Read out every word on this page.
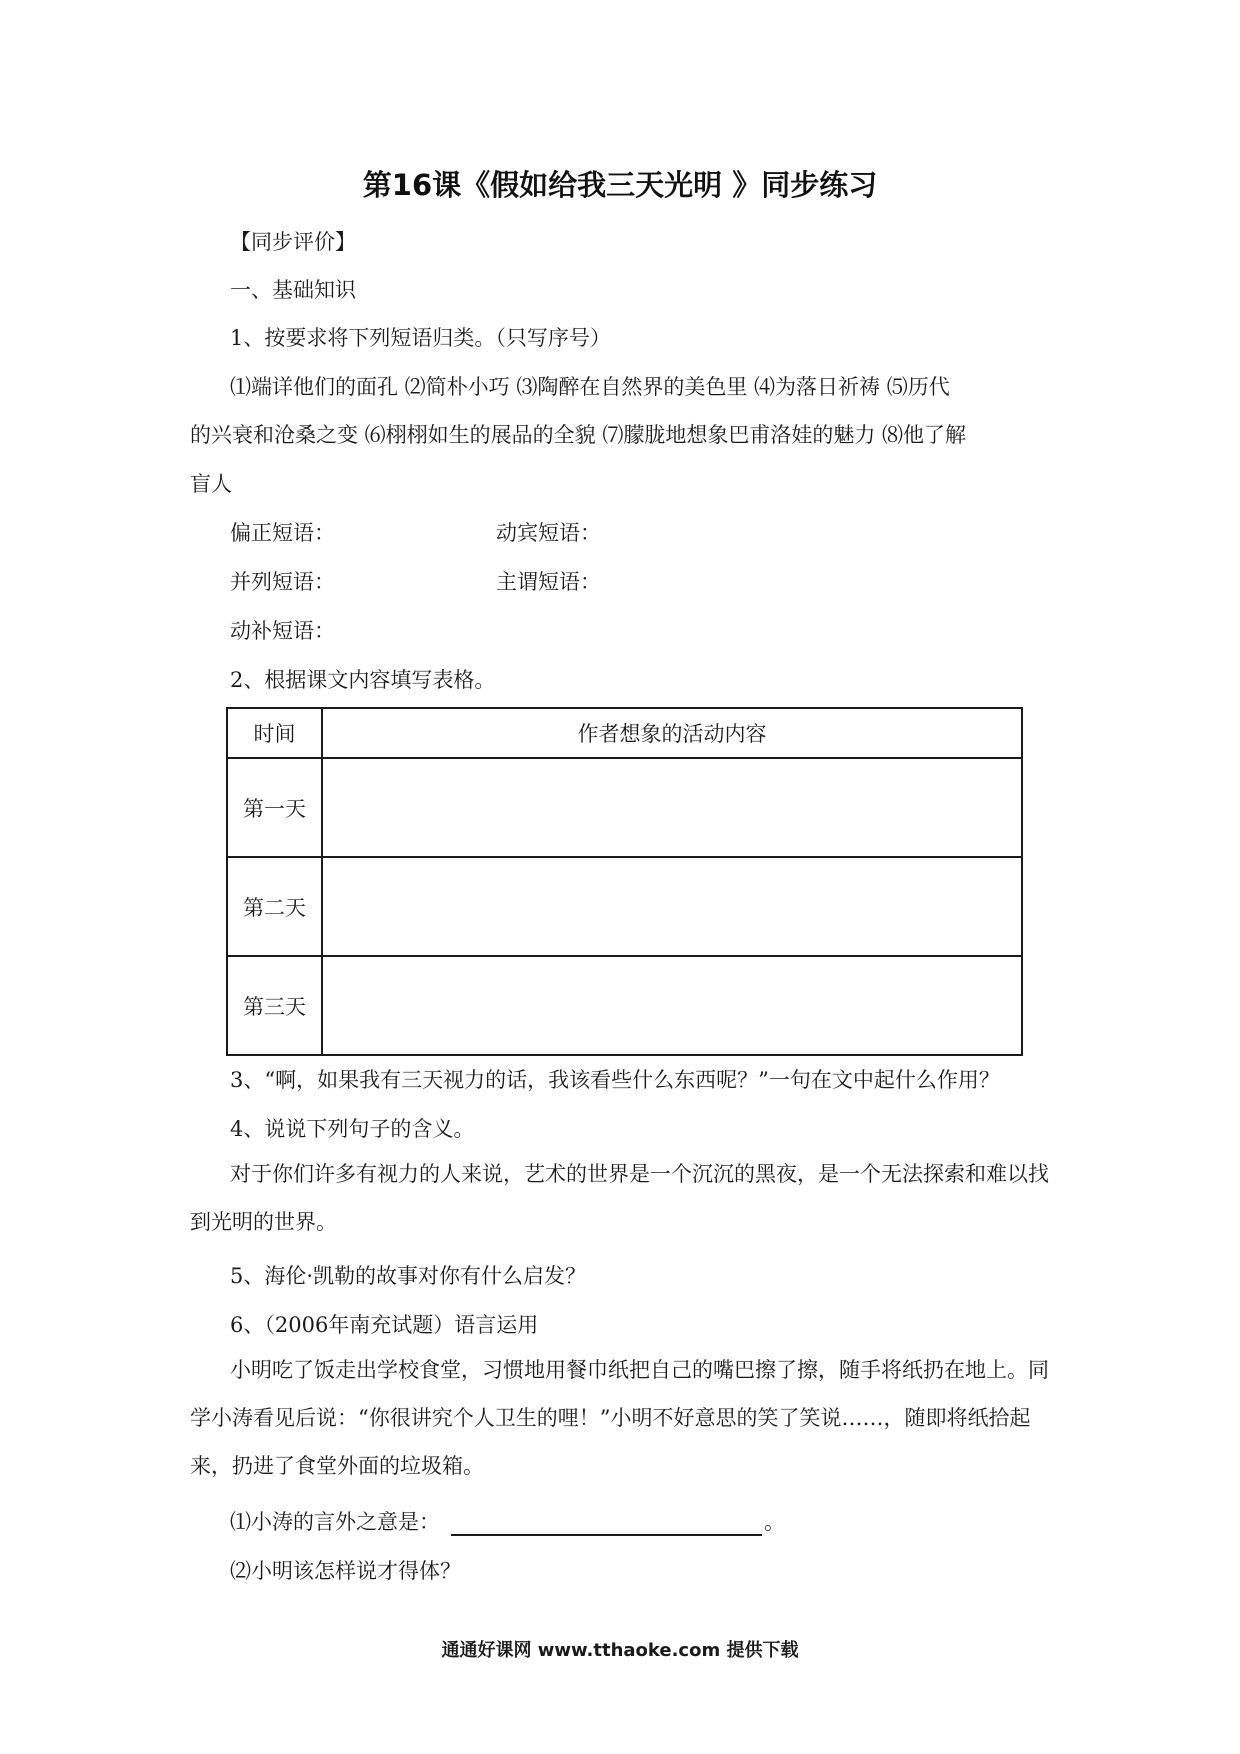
第16课《假如给我三天光明 》同步练习
【同步评价】
一、基础知识
1、按要求将下列短语归类。（只写序号）
⑴端详他们的面孔 ⑵简朴小巧 ⑶陶醉在自然界的美色里 ⑷为落日祈祷 ⑸历代
的兴衰和沧桑之变 ⑹栩栩如生的展品的全貌 ⑺朦胧地想象巴甫洛娃的魅力 ⑻他了解
盲人
偏正短语：	动宾短语：
并列短语：	主谓短语：
动补短语：
2、根据课文内容填写表格。
时间	作者想象的活动内容
第一天	
第二天	
第三天	
3、“啊，如果我有三天视力的话，我该看些什么东西呢？”一句在文中起什么作用？
4、说说下列句子的含义。
对于你们许多有视力的人来说，艺术的世界是一个沉沉的黑夜，是一个无法探索和难以找到光明的世界。
5、海伦·凯勒的故事对你有什么启发？
6、（2006年南充试题）语言运用
小明吃了饭走出学校食堂，习惯地用餐巾纸把自己的嘴巴擦了擦，随手将纸扔在地上。同学小涛看见后说：“你很讲究个人卫生的哩！”小明不好意思的笑了笑说……，随即将纸拾起来，扔进了食堂外面的垃圾箱。
⑴小涛的言外之意是：	。
⑵小明该怎样说才得体？
通通好课网 www.tthaoke.com 提供下载
